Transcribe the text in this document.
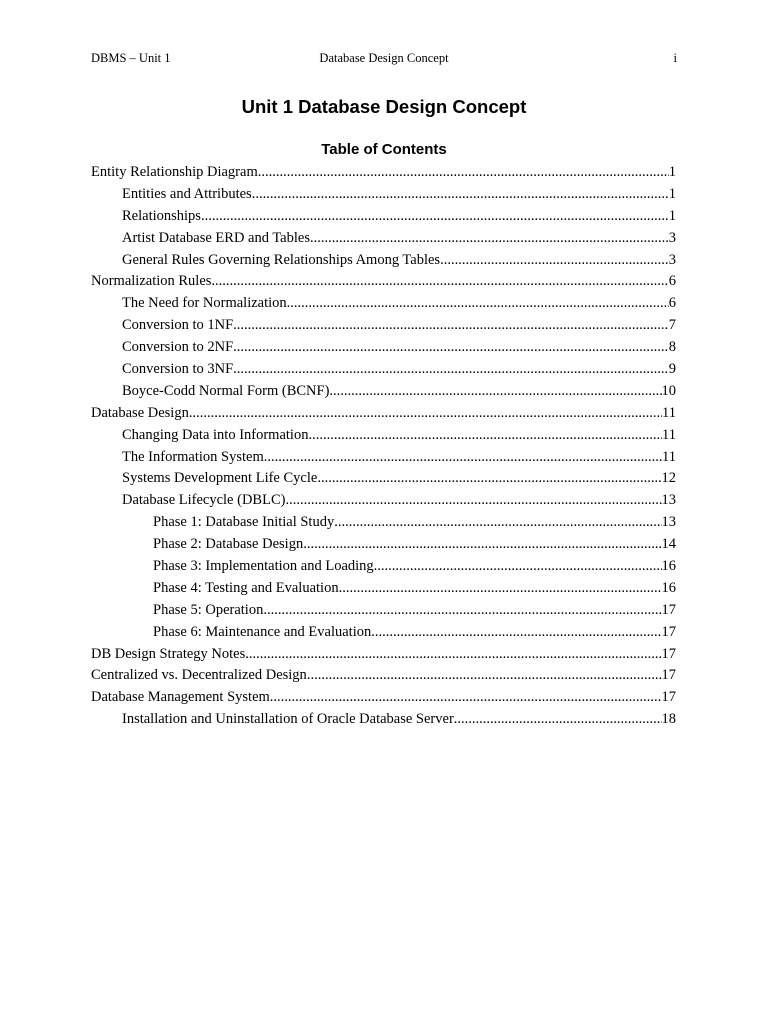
DBMS – Unit 1	Database Design Concept	i
Unit 1 Database Design Concept
Table of Contents
Entity Relationship Diagram .....	1
Entities and Attributes .....	1
Relationships .....	1
Artist Database ERD and Tables .....	3
General Rules Governing Relationships Among Tables .....	3
Normalization Rules .....	6
The Need for Normalization .....	6
Conversion to 1NF .....	7
Conversion to 2NF .....	8
Conversion to 3NF .....	9
Boyce-Codd Normal Form (BCNF) .....	10
Database Design .....	11
Changing Data into Information .....	11
The Information System .....	11
Systems Development Life Cycle .....	12
Database Lifecycle (DBLC) .....	13
Phase 1: Database Initial Study .....	13
Phase 2: Database Design .....	14
Phase 3: Implementation and Loading .....	16
Phase 4: Testing and Evaluation .....	16
Phase 5: Operation .....	17
Phase 6: Maintenance and Evaluation .....	17
DB Design Strategy Notes .....	17
Centralized vs. Decentralized Design .....	17
Database Management System .....	17
Installation and Uninstallation of Oracle Database Server .....	18
